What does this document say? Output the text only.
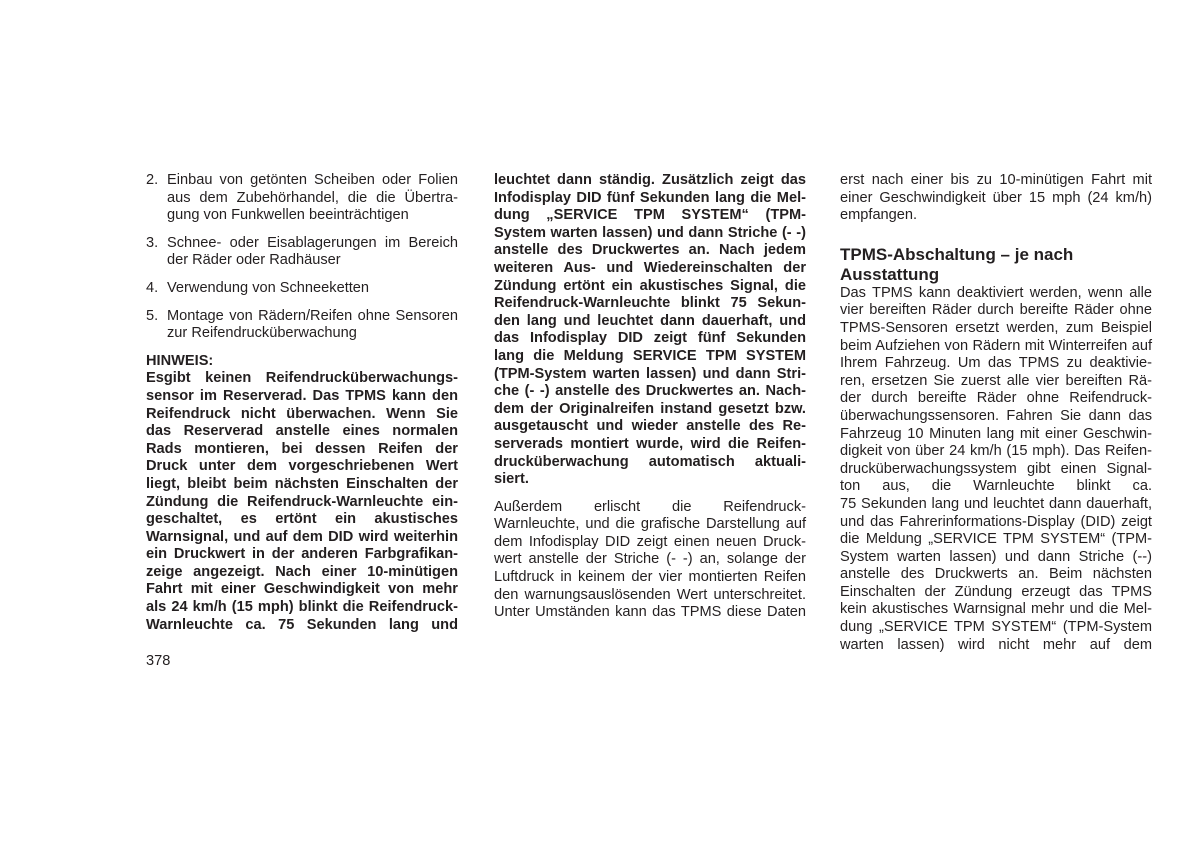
2. Einbau von getönten Scheiben oder Folien
aus dem Zubehörhandel, die die Übertra-
gung von Funkwellen beeinträchtigen
3. Schnee- oder Eisablagerungen im Bereich
der Räder oder Radhäuser
4. Verwendung von Schneeketten
5. Montage von Rädern/Reifen ohne Sensoren
zur Reifendrucküberwachung
HINWEIS:
Esgibt keinen Reifendrucküberwachungs-
sensor im Reserverad. Das TPMS kann den
Reifendruck nicht überwachen. Wenn Sie
das Reserverad anstelle eines normalen
Rads montieren, bei dessen Reifen der
Druck unter dem vorgeschriebenen Wert
liegt, bleibt beim nächsten Einschalten der
Zündung die Reifendruck-Warnleuchte ein-
geschaltet, es ertönt ein akustisches
Warnsignal, und auf dem DID wird weiterhin
ein Druckwert in der anderen Farbgrafikan-
zeige angezeigt. Nach einer 10-minütigen
Fahrt mit einer Geschwindigkeit von mehr
als 24 km/h (15 mph) blinkt die Reifendruck-
Warnleuchte ca. 75 Sekunden lang und
leuchtet dann ständig. Zusätzlich zeigt das
Infodisplay DID fünf Sekunden lang die Mel-
dung „SERVICE TPM SYSTEM“ (TPM-
System warten lassen) und dann Striche (- -)
anstelle des Druckwertes an. Nach jedem
weiteren Aus- und Wiedereinschalten der
Zündung ertönt ein akustisches Signal, die
Reifendruck-Warnleuchte blinkt 75 Sekun-
den lang und leuchtet dann dauerhaft, und
das Infodisplay DID zeigt fünf Sekunden
lang die Meldung SERVICE TPM SYSTEM
(TPM-System warten lassen) und dann Stri-
che (- -) anstelle des Druckwertes an. Nach-
dem der Originalreifen instand gesetzt bzw.
ausgetauscht und wieder anstelle des Re-
serverads montiert wurde, wird die Reifen-
drucküberwachung automatisch aktuali-
siert.
Außerdem erlischt die Reifendruck-
Warnleuchte, und die grafische Darstellung auf
dem Infodisplay DID zeigt einen neuen Druck-
wert anstelle der Striche (- -) an, solange der
Luftdruck in keinem der vier montierten Reifen
den warnungsauslösenden Wert unterschreitet.
Unter Umständen kann das TPMS diese Daten
erst nach einer bis zu 10-minütigen Fahrt mit
einer Geschwindigkeit über 15 mph (24 km/h)
empfangen.
TPMS-Abschaltung – je nach
Ausstattung
Das TPMS kann deaktiviert werden, wenn alle
vier bereiften Räder durch bereifte Räder ohne
TPMS-Sensoren ersetzt werden, zum Beispiel
beim Aufziehen von Rädern mit Winterreifen auf
Ihrem Fahrzeug. Um das TPMS zu deaktivie-
ren, ersetzen Sie zuerst alle vier bereiften Rä-
der durch bereifte Räder ohne Reifendruck-
überwachungssensoren. Fahren Sie dann das
Fahrzeug 10 Minuten lang mit einer Geschwin-
digkeit von über 24 km/h (15 mph). Das Reifen-
drucküberwachungssystem gibt einen Signal-
ton aus, die Warnleuchte blinkt ca.
75 Sekunden lang und leuchtet dann dauerhaft,
und das Fahrerinformations-Display (DID) zeigt
die Meldung „SERVICE TPM SYSTEM“ (TPM-
System warten lassen) und dann Striche (--)
anstelle des Druckwerts an. Beim nächsten
Einschalten der Zündung erzeugt das TPMS
kein akustisches Warnsignal mehr und die Mel-
dung „SERVICE TPM SYSTEM“ (TPM-System
warten lassen) wird nicht mehr auf dem
378
